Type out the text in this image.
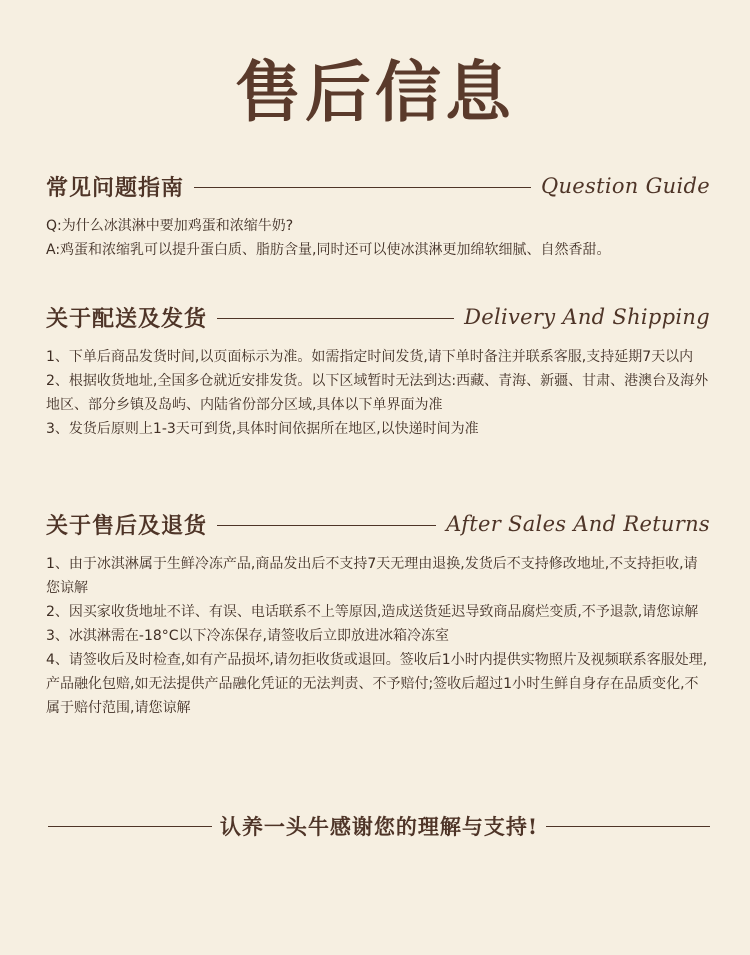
售后信息
常见问题指南	Question Guide

Q:为什么冰淇淋中要加鸡蛋和浓缩牛奶?

A:鸡蛋和浓缩乳可以提升蛋白质、脂肪含量,同时还可以使冰淇淋更加绵软细腻、自然香甜。

关于配送及发货	Delivery And Shipping

1、下单后商品发货时间,以页面标示为准。如需指定时间发货,请下单时备注并联系客服,支持延期7天以内

2、根据收货地址,全国多仓就近安排发货。以下区域暂时无法到达:西藏、青海、新疆、甘肃、港澳台及海外地区、部分乡镇及岛屿、内陆省份部分区域,具体以下单界面为准

3、发货后原则上1-3天可到货,具体时间依据所在地区,以快递时间为准

关于售后及退货	After Sales And Returns

1、由于冰淇淋属于生鲜冷冻产品,商品发出后不支持7天无理由退换,发货后不支持修改地址,不支持拒收,请您谅解

2、因买家收货地址不详、有误、电话联系不上等原因,造成送货延迟导致商品腐烂变质,不予退款,请您谅解

3、冰淇淋需在-18°C以下冷冻保存,请签收后立即放进冰箱冷冻室

4、请签收后及时检查,如有产品损坏,请勿拒收货或退回。签收后1小时内提供实物照片及视频联系客服处理,产品融化包赔,如无法提供产品融化凭证的无法判责、不予赔付;签收后超过1小时生鲜自身存在品质变化,不属于赔付范围,请您谅解

认养一头牛感谢您的理解与支持!
